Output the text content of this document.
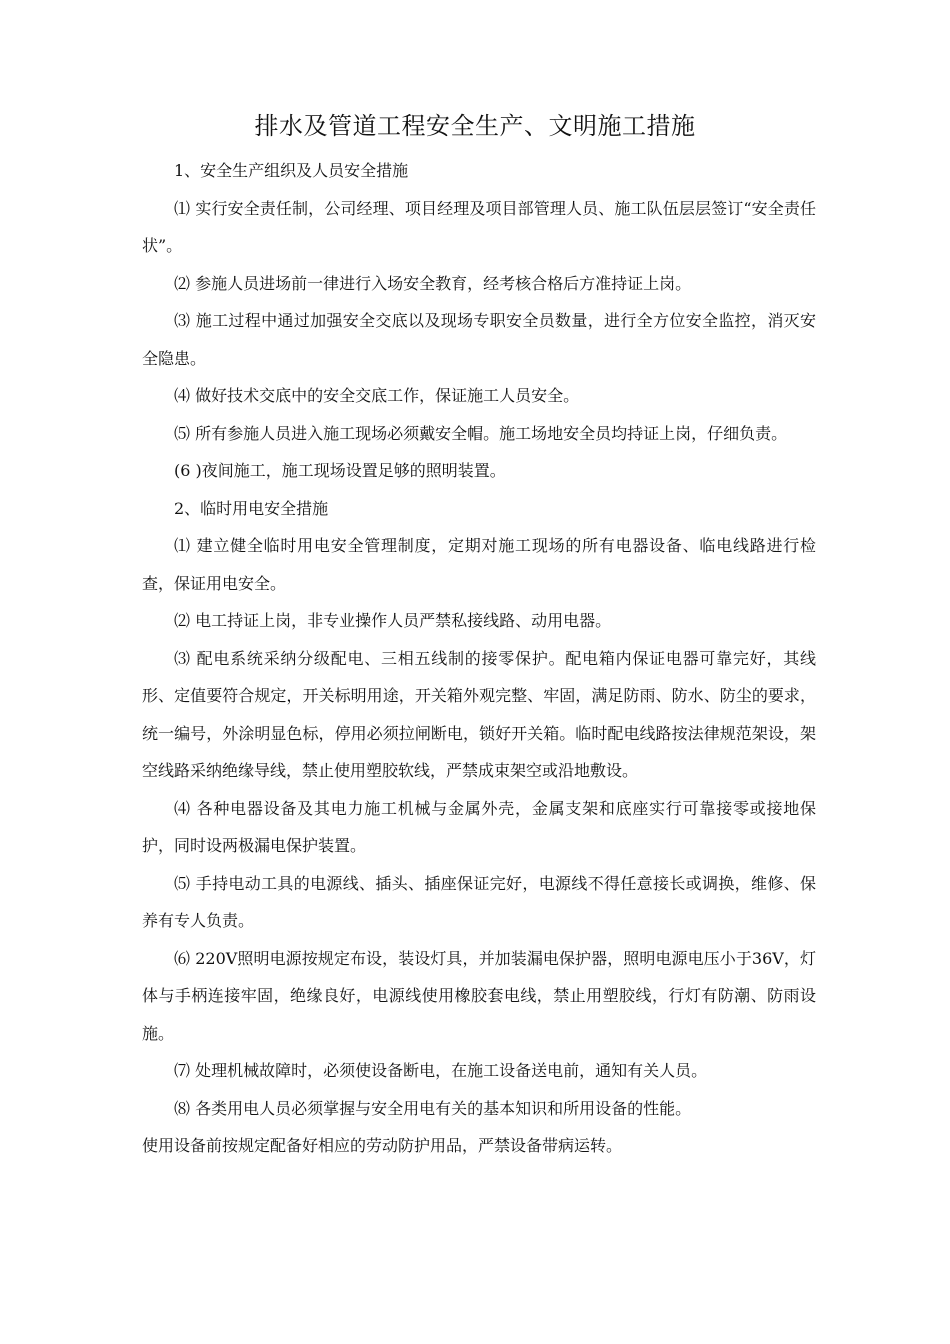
排水及管道工程安全生产、文明施工措施

1、安全生产组织及人员安全措施

⑴ 实行安全责任制，公司经理、项目经理及项目部管理人员、施工队伍层层签订“安全责任状”。

⑵ 参施人员进场前一律进行入场安全教育，经考核合格后方准持证上岗。

⑶ 施工过程中通过加强安全交底以及现场专职安全员数量，进行全方位安全监控，消灭安全隐患。

⑷ 做好技术交底中的安全交底工作，保证施工人员安全。

⑸ 所有参施人员进入施工现场必须戴安全帽。施工场地安全员均持证上岗，仔细负责。

(6 )夜间施工，施工现场设置足够的照明装置。

2、临时用电安全措施

⑴ 建立健全临时用电安全管理制度，定期对施工现场的所有电器设备、临电线路进行检查，保证用电安全。

⑵ 电工持证上岗，非专业操作人员严禁私接线路、动用电器。

⑶ 配电系统采纳分级配电、三相五线制的接零保护。配电箱内保证电器可靠完好，其线形、定值要符合规定，开关标明用途，开关箱外观完整、牢固，满足防雨、防水、防尘的要求，统一编号，外涂明显色标，停用必须拉闸断电，锁好开关箱。临时配电线路按法律规范架设，架空线路采纳绝缘导线，禁止使用塑胶软线，严禁成束架空或沿地敷设。

⑷ 各种电器设备及其电力施工机械与金属外壳，金属支架和底座实行可靠接零或接地保护，同时设两极漏电保护装置。

⑸ 手持电动工具的电源线、插头、插座保证完好，电源线不得任意接长或调换，维修、保养有专人负责。

⑹ 220V照明电源按规定布设，装设灯具，并加装漏电保护器，照明电源电压小于36V，灯体与手柄连接牢固，绝缘良好，电源线使用橡胶套电线，禁止用塑胶线，行灯有防潮、防雨设施。

⑺ 处理机械故障时，必须使设备断电，在施工设备送电前，通知有关人员。

⑻ 各类用电人员必须掌握与安全用电有关的基本知识和所用设备的性能。

使用设备前按规定配备好相应的劳动防护用品，严禁设备带病运转。
